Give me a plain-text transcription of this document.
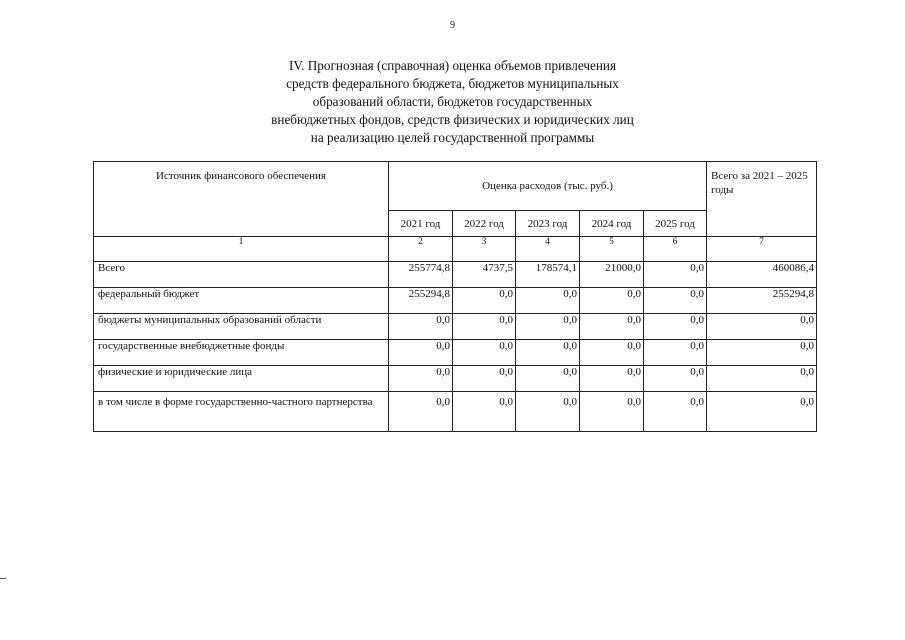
9
IV. Прогнозная (справочная) оценка объемов привлечения
средств федерального бюджета, бюджетов муниципальных
образований области, бюджетов государственных
внебюджетных фондов, средств физических и юридических лиц
на реализацию целей государственной программы
Источник финансового обеспечения	Оценка расходов (тыс. руб.)					Всего за 2021 – 2025 годы
	2021 год	2022 год	2023 год	2024 год	2025 год	
1	2	3	4	5	6	7
Всего	255774,8	4737,5	178574,1	21000,0	0,0	460086,4
федеральный бюджет	255294,8	0,0	0,0	0,0	0,0	255294,8
бюджеты муниципальных образований области	0,0	0,0	0,0	0,0	0,0	0,0
государственные внебюджетные фонды	0,0	0,0	0,0	0,0	0,0	0,0
физические и юридические лица	0,0	0,0	0,0	0,0	0,0	0,0
в том числе в форме государственно-частного партнерства	0,0	0,0	0,0	0,0	0,0	0,0
